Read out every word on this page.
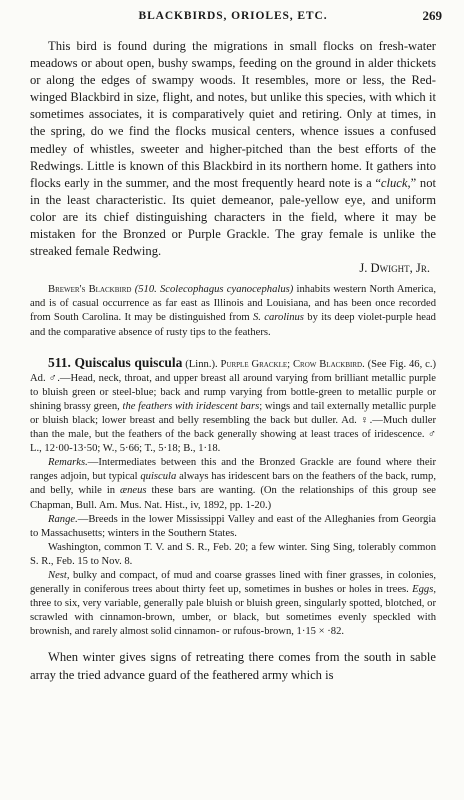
BLACKBIRDS, ORIOLES, ETC.	269

This bird is found during the migrations in small flocks on fresh-water meadows or about open, bushy swamps, feeding on the ground in alder thickets or along the edges of swampy woods. It resembles, more or less, the Red-winged Blackbird in size, flight, and notes, but unlike this species, with which it sometimes associates, it is comparatively quiet and retiring. Only at times, in the spring, do we find the flocks musical centers, whence issues a confused medley of whistles, sweeter and higher-pitched than the best efforts of the Redwings. Little is known of this Blackbird in its northern home. It gathers into flocks early in the summer, and the most frequently heard note is a “cluck,” not in the least characteristic. Its quiet demeanor, pale-yellow eye, and uniform color are its chief distinguishing characters in the field, where it may be mistaken for the Bronzed or Purple Grackle. The gray female is unlike the streaked female Redwing.

J. Dwight, Jr.

Brewer's Blackbird (510. Scolecophagus cyanocephalus) inhabits western North America, and is of casual occurrence as far east as Illinois and Louisiana, and has been once recorded from South Carolina. It may be distinguished from S. carolinus by its deep violet-purple head and the comparative absence of rusty tips to the feathers.

511. Quiscalus quiscula (Linn.). Purple Grackle; Crow Blackbird. (See Fig. 46, c.) Ad. ♂.—Head, neck, throat, and upper breast all around varying from brilliant metallic purple to bluish green or steel-blue; back and rump varying from bottle-green to metallic purple or shining brassy green, the feathers with iridescent bars; wings and tail externally metallic purple or bluish black; lower breast and belly resembling the back but duller. Ad. ♀.—Much duller than the male, but the feathers of the back generally showing at least traces of iridescence. ♂ L., 12·00-13·50; W., 5·66; T., 5·18; B., 1·18.

Remarks.—Intermediates between this and the Bronzed Grackle are found where their ranges adjoin, but typical quiscula always has iridescent bars on the feathers of the back, rump, and belly, while in æneus these bars are wanting. (On the relationships of this group see Chapman, Bull. Am. Mus. Nat. Hist., iv, 1892, pp. 1-20.)

Range.—Breeds in the lower Mississippi Valley and east of the Alleghanies from Georgia to Massachusetts; winters in the Southern States.

Washington, common T. V. and S. R., Feb. 20; a few winter. Sing Sing, tolerably common S. R., Feb. 15 to Nov. 8.

Nest, bulky and compact, of mud and coarse grasses lined with finer grasses, in colonies, generally in coniferous trees about thirty feet up, sometimes in bushes or holes in trees. Eggs, three to six, very variable, generally pale bluish or bluish green, singularly spotted, blotched, or scrawled with cinnamon-brown, umber, or black, but sometimes evenly speckled with brownish, and rarely almost solid cinnamon- or rufous-brown, 1·15 × ·82.

When winter gives signs of retreating there comes from the south in sable array the tried advance guard of the feathered army which is
